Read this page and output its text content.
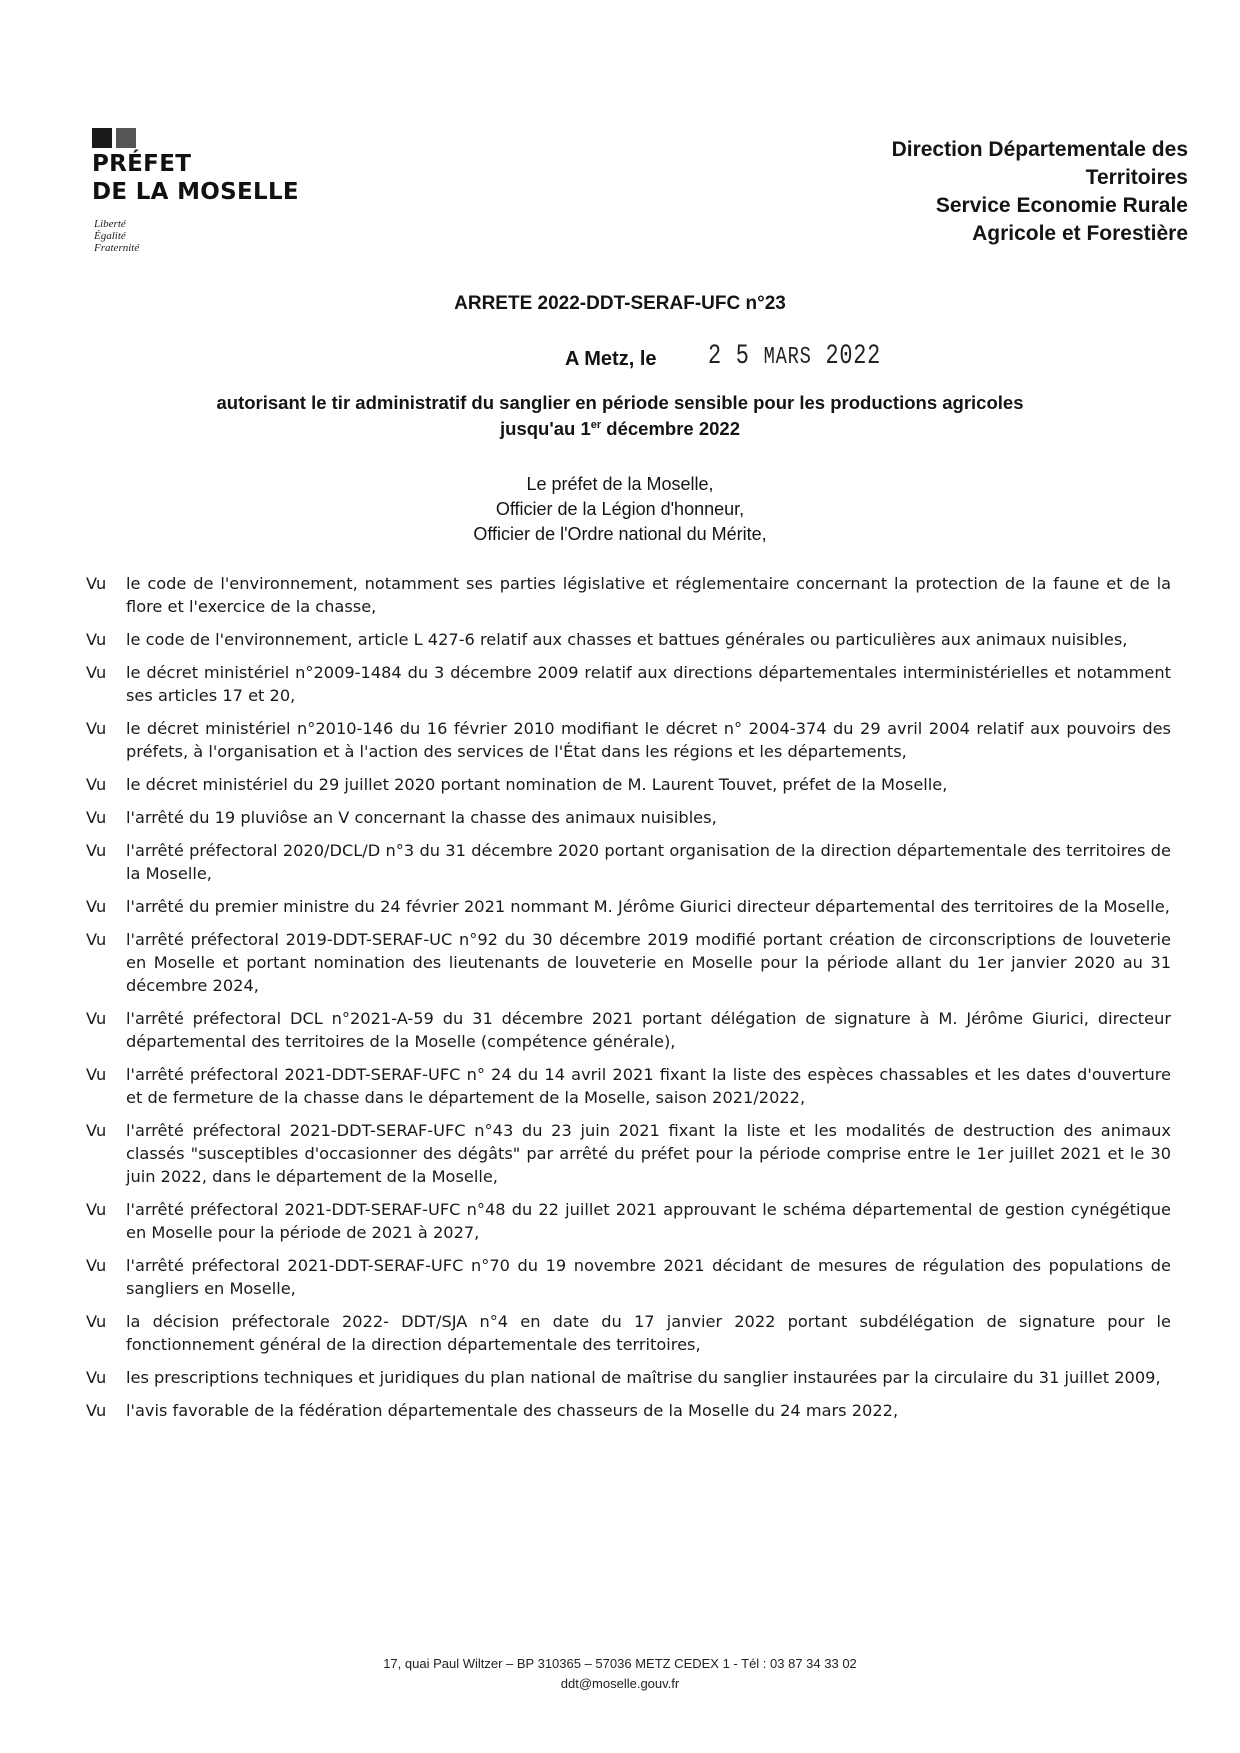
PRÉFET
DE LA MOSELLE
Liberté
Égalité
Fraternité
Direction Départementale des
Territoires
Service Economie Rurale
Agricole et Forestière
ARRETE 2022-DDT-SERAF-UFC n°23
A Metz, le 2 5 MARS 2022
autorisant le tir administratif du sanglier en période sensible pour les productions agricoles
jusqu'au 1er décembre 2022
Le préfet de la Moselle,
Officier de la Légion d'honneur,
Officier de l'Ordre national du Mérite,
Vu	le code de l'environnement, notamment ses parties législative et réglementaire concernant la protection de la faune et de la flore et l'exercice de la chasse,
Vu	le code de l'environnement, article L 427-6 relatif aux chasses et battues générales ou particulières aux animaux nuisibles,
Vu	le décret ministériel n°2009-1484 du 3 décembre 2009 relatif aux directions départementales interministérielles et notamment ses articles 17 et 20,
Vu	le décret ministériel n°2010-146 du 16 février 2010 modifiant le décret n° 2004-374 du 29 avril 2004 relatif aux pouvoirs des préfets, à l'organisation et à l'action des services de l'État dans les régions et les départements,
Vu	le décret ministériel du 29 juillet 2020 portant nomination de M. Laurent Touvet, préfet de la Moselle,
Vu	l'arrêté du 19 pluviôse an V concernant la chasse des animaux nuisibles,
Vu	l'arrêté préfectoral 2020/DCL/D n°3 du 31 décembre 2020 portant organisation de la direction départementale des territoires de la Moselle,
Vu	l'arrêté du premier ministre du 24 février 2021 nommant M. Jérôme Giurici directeur départemental des territoires de la Moselle,
Vu	l'arrêté préfectoral 2019-DDT-SERAF-UC n°92 du 30 décembre 2019 modifié portant création de circonscriptions de louveterie en Moselle et portant nomination des lieutenants de louveterie en Moselle pour la période allant du 1er janvier 2020 au 31 décembre 2024,
Vu	l'arrêté préfectoral DCL n°2021-A-59 du 31 décembre 2021 portant délégation de signature à M. Jérôme Giurici, directeur départemental des territoires de la Moselle (compétence générale),
Vu	l'arrêté préfectoral 2021-DDT-SERAF-UFC n° 24 du 14 avril 2021 fixant la liste des espèces chassables et les dates d'ouverture et de fermeture de la chasse dans le département de la Moselle, saison 2021/2022,
Vu	l'arrêté préfectoral 2021-DDT-SERAF-UFC n°43 du 23 juin 2021 fixant la liste et les modalités de destruction des animaux classés "susceptibles d'occasionner des dégâts" par arrêté du préfet pour la période comprise entre le 1er juillet 2021 et le 30 juin 2022, dans le département de la Moselle,
Vu	l'arrêté préfectoral 2021-DDT-SERAF-UFC n°48 du 22 juillet 2021 approuvant le schéma départemental de gestion cynégétique en Moselle pour la période de 2021 à 2027,
Vu	l'arrêté préfectoral 2021-DDT-SERAF-UFC n°70 du 19 novembre 2021 décidant de mesures de régulation des populations de sangliers en Moselle,
Vu	la décision préfectorale 2022- DDT/SJA n°4 en date du 17 janvier 2022 portant subdélégation de signature pour le fonctionnement général de la direction départementale des territoires,
Vu	les prescriptions techniques et juridiques du plan national de maîtrise du sanglier instaurées par la circulaire du 31 juillet 2009,
Vu	l'avis favorable de la fédération départementale des chasseurs de la Moselle du 24 mars 2022,
17, quai Paul Wiltzer – BP 310365 – 57036 METZ CEDEX 1 - Tél : 03 87 34 33 02
ddt@moselle.gouv.fr
